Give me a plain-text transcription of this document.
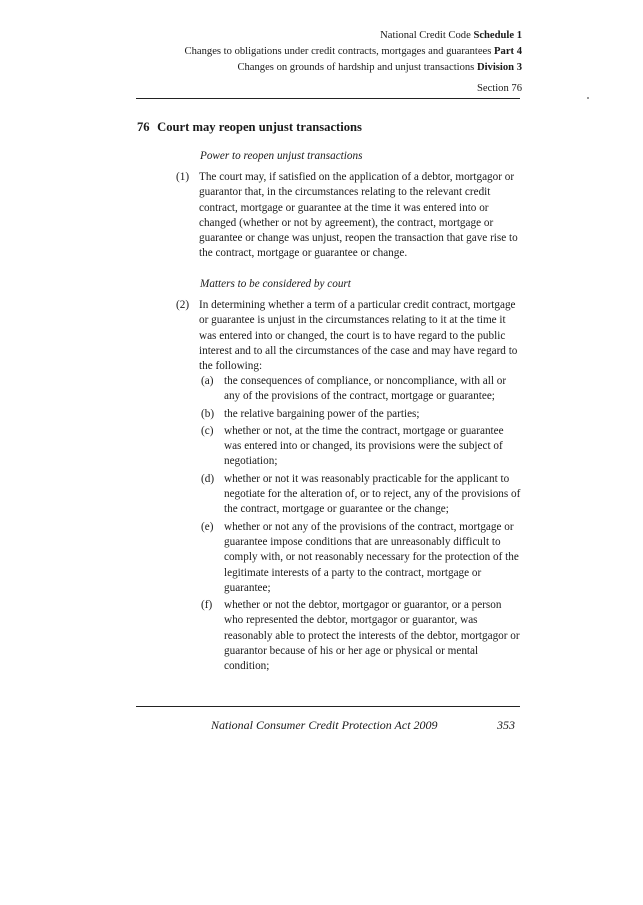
National Credit Code Schedule 1
Changes to obligations under credit contracts, mortgages and guarantees Part 4
Changes on grounds of hardship and unjust transactions Division 3
Section 76
76 Court may reopen unjust transactions
Power to reopen unjust transactions
(1) The court may, if satisfied on the application of a debtor, mortgagor or guarantor that, in the circumstances relating to the relevant credit contract, mortgage or guarantee at the time it was entered into or changed (whether or not by agreement), the contract, mortgage or guarantee or change was unjust, reopen the transaction that gave rise to the contract, mortgage or guarantee or change.
Matters to be considered by court
(2) In determining whether a term of a particular credit contract, mortgage or guarantee is unjust in the circumstances relating to it at the time it was entered into or changed, the court is to have regard to the public interest and to all the circumstances of the case and may have regard to the following:
(a) the consequences of compliance, or noncompliance, with all or any of the provisions of the contract, mortgage or guarantee;
(b) the relative bargaining power of the parties;
(c) whether or not, at the time the contract, mortgage or guarantee was entered into or changed, its provisions were the subject of negotiation;
(d) whether or not it was reasonably practicable for the applicant to negotiate for the alteration of, or to reject, any of the provisions of the contract, mortgage or guarantee or the change;
(e) whether or not any of the provisions of the contract, mortgage or guarantee impose conditions that are unreasonably difficult to comply with, or not reasonably necessary for the protection of the legitimate interests of a party to the contract, mortgage or guarantee;
(f) whether or not the debtor, mortgagor or guarantor, or a person who represented the debtor, mortgagor or guarantor, was reasonably able to protect the interests of the debtor, mortgagor or guarantor because of his or her age or physical or mental condition;
National Consumer Credit Protection Act 2009	353
